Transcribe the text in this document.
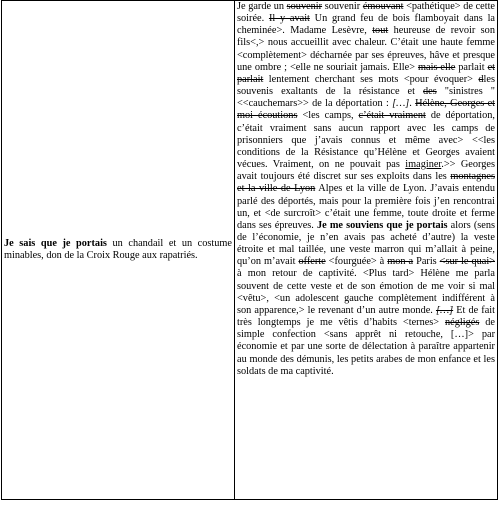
Je sais que je portais un chandail et un costume minables, don de la Croix Rouge aux rapatriés.	Je garde un souvenir souvenir émouvant <pathétique> de cette soirée. Il y avait Un grand feu de bois flamboyait dans la cheminée>. Madame Lesèvre, tout heureuse de revoir son fils<,> nous accueillit avec chaleur. C’était une haute femme <complètement> décharnée par ses épreuves, hâve et presque une ombre ; <elle ne souriait jamais. Elle> mais elle parlait et parlait lentement cherchant ses mots <pour évoquer> dles souvenis exaltants de la résistance et des "sinistres " <<cauchemars>> de la déportation : […]. Hélène, Georges et moi écoutions <les camps, c’était vraiment de déportation, c’était vraiment sans aucun rapport avec les camps de prisonniers que j’avais connus et même avec> <<les conditions de la Résistance qu’Hélène et Georges avaient vécues. Vraiment, on ne pouvait pas imaginer.>> Georges avait toujours été discret sur ses exploits dans les montagnes et la ville de Lyon Alpes et la ville de Lyon. J’avais entendu parlé des déportés, mais pour la première fois j’en rencontrai un, et <de surcroît> c’était une femme, toute droite et ferme dans ses épreuves. Je me souviens que je portais alors (sens de l’économie, je n’en avais pas acheté d’autre) la veste étroite et mal taillée, une veste marron qui m’allait à peine, qu’on m’avait offerte <fourguée> à mon a Paris <sur le quai> à mon retour de captivité. <Plus tard> Hélène me parla souvent de cette veste et de son émotion de me voir si mal <vêtu>, <un adolescent gauche complètement indifférent à son apparence,> le revenant d’un autre monde. […] Et de fait très longtemps je me vêtis d’habits <ternes> négligés de simple confection <sans apprêt ni retouche, […]> par économie et par une sorte de délectation à paraître appartenir au monde des démunis, les petits arabes de mon enfance et les soldats de ma captivité.
